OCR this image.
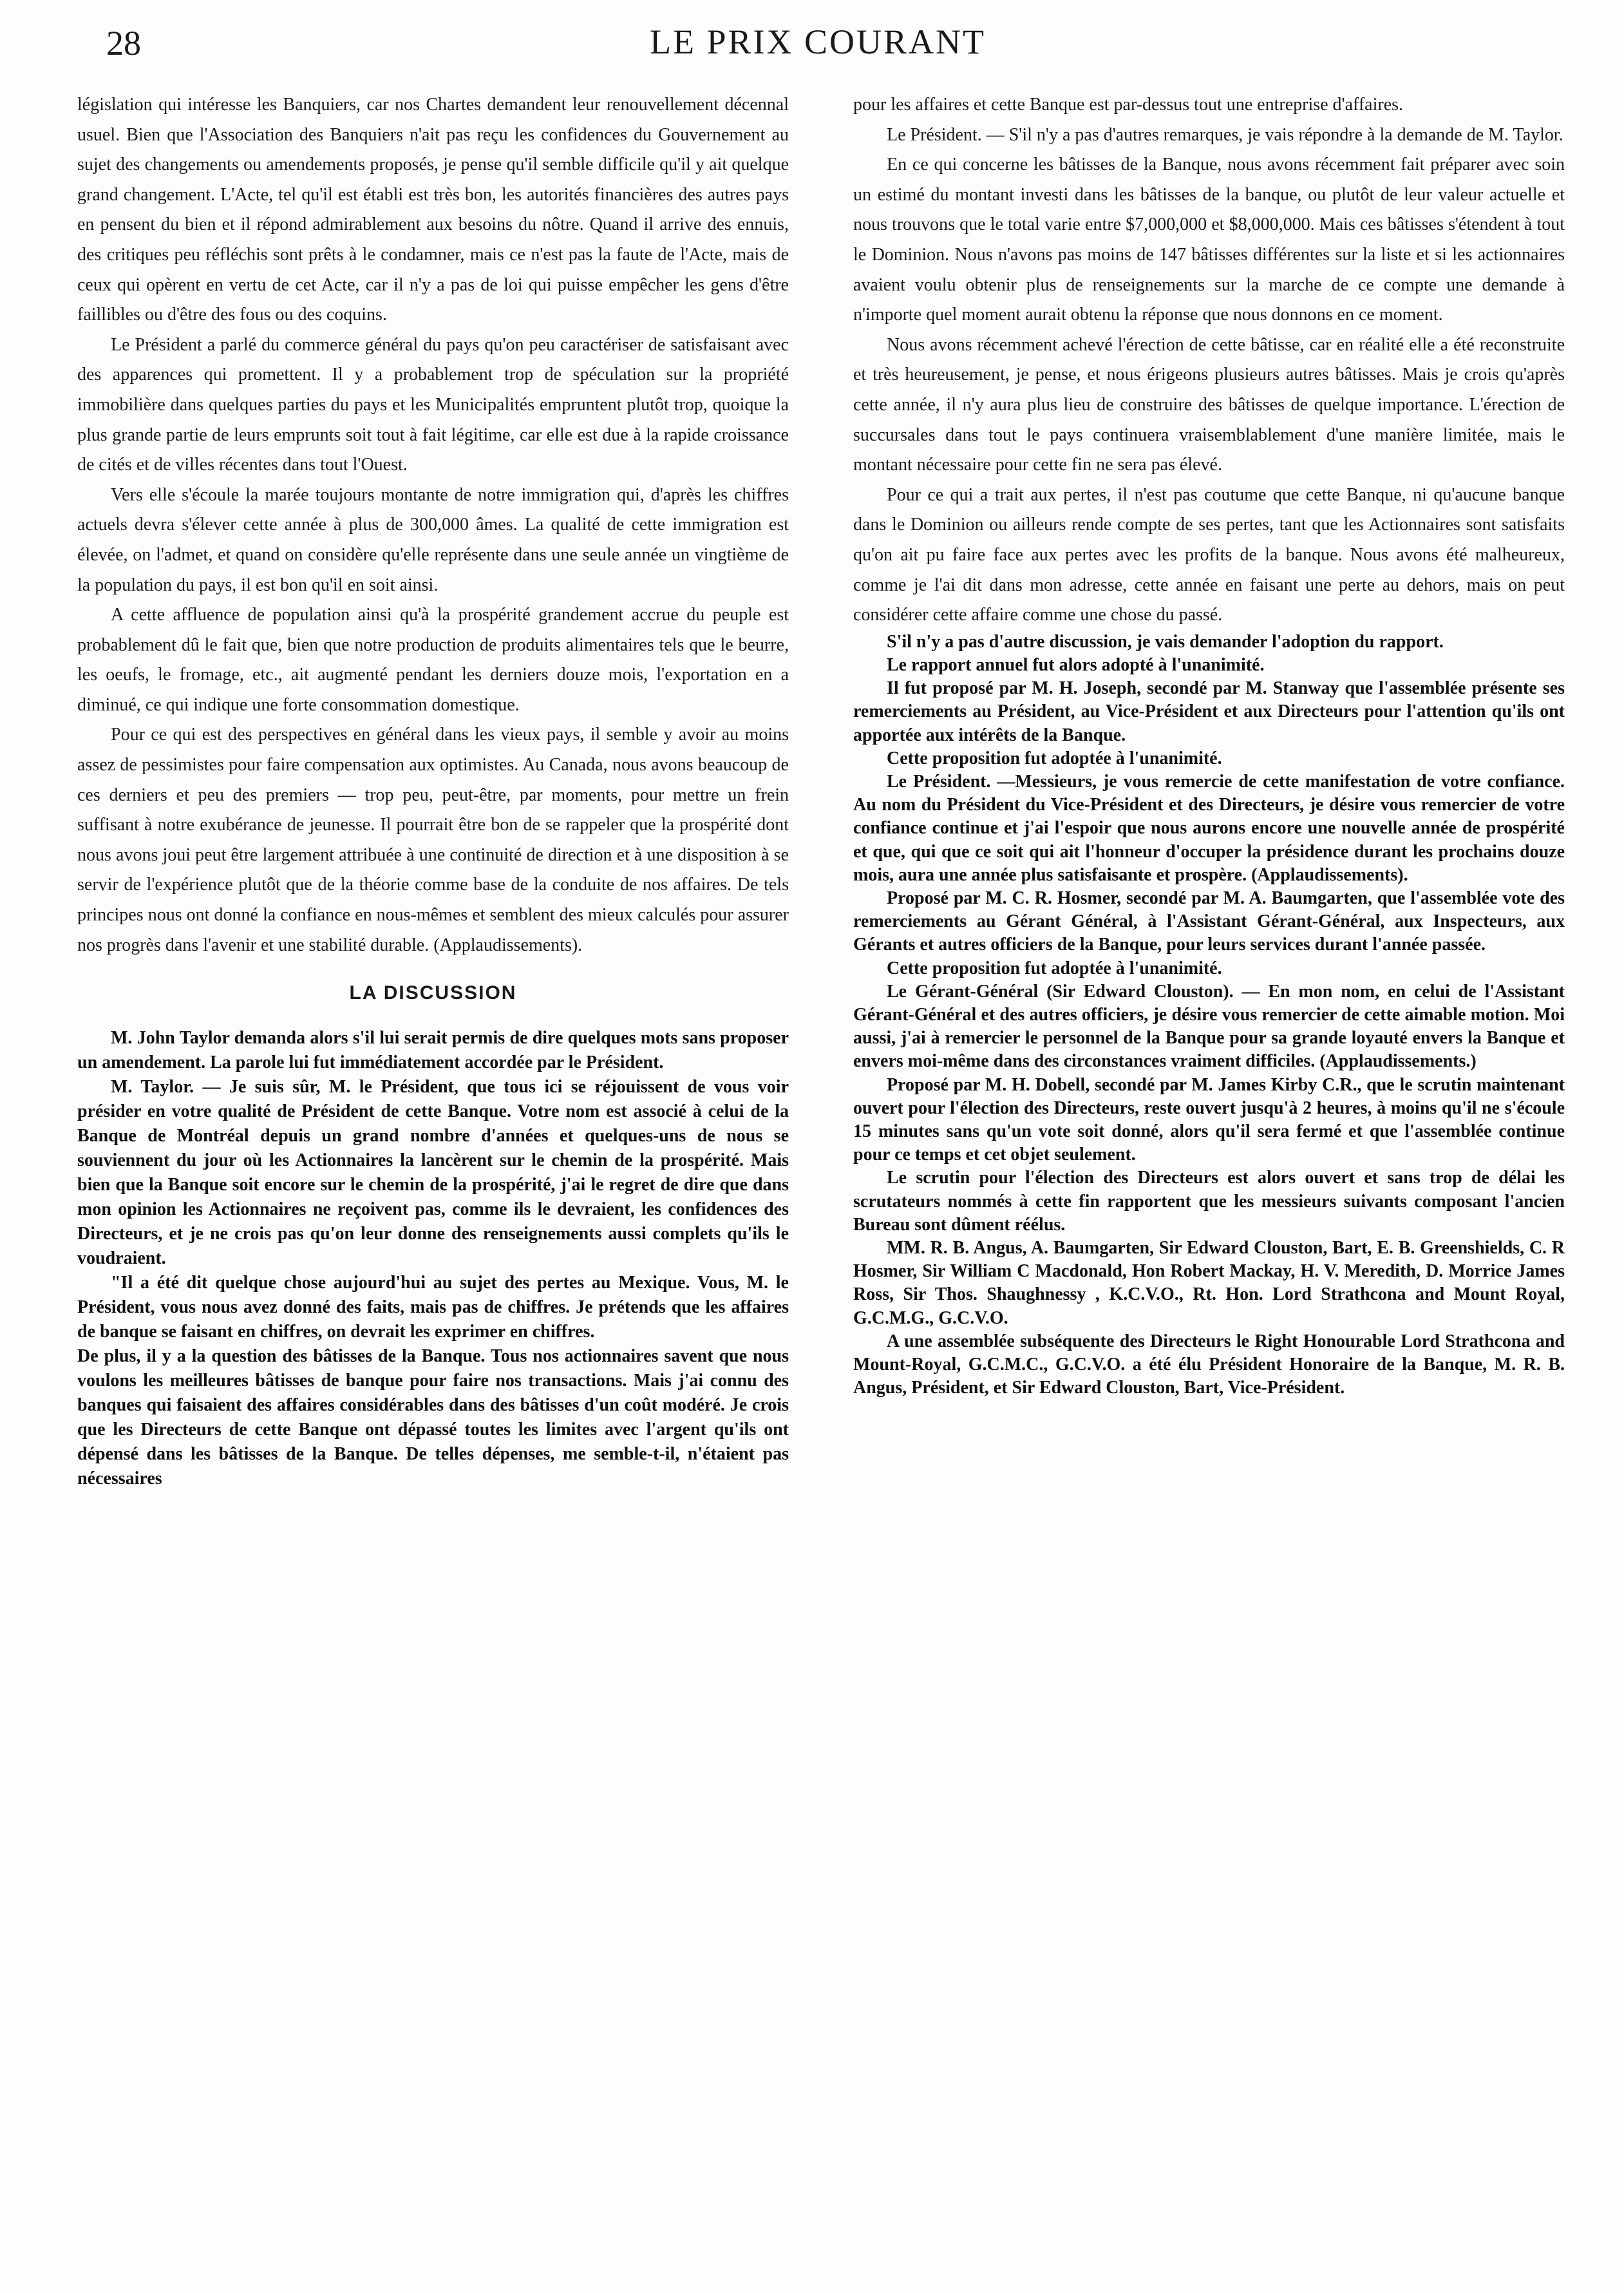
28	LE PRIX COURANT

législation qui intéresse les Banquiers, car nos Chartes demandent leur renouvellement décennal usuel. Bien que l'Association des Banquiers n'ait pas reçu les confidences du Gouvernement au sujet des changements ou amendements proposés, je pense qu'il semble difficile qu'il y ait quelque grand changement. L'Acte, tel qu'il est établi est très bon, les autorités financières des autres pays en pensent du bien et il répond admirablement aux besoins du nôtre. Quand il arrive des ennuis, des critiques peu réfléchis sont prêts à le condamner, mais ce n'est pas la faute de l'Acte, mais de ceux qui opèrent en vertu de cet Acte, car il n'y a pas de loi qui puisse empêcher les gens d'être faillibles ou d'être des fous ou des coquins.

Le Président a parlé du commerce général du pays qu'on peu caractériser de satisfaisant avec des apparences qui promettent. Il y a probablement trop de spéculation sur la propriété immobilière dans quelques parties du pays et les Municipalités empruntent plutôt trop, quoique la plus grande partie de leurs emprunts soit tout à fait légitime, car elle est due à la rapide croissance de cités et de villes récentes dans tout l'Ouest.

Vers elle s'écoule la marée toujours montante de notre immigration qui, d'après les chiffres actuels devra s'élever cette année à plus de 300,000 âmes. La qualité de cette immigration est élevée, on l'admet, et quand on considère qu'elle représente dans une seule année un vingtième de la population du pays, il est bon qu'il en soit ainsi.

A cette affluence de population ainsi qu'à la prospérité grandement accrue du peuple est probablement dû le fait que, bien que notre production de produits alimentaires tels que le beurre, les oeufs, le fromage, etc., ait augmenté pendant les derniers douze mois, l'exportation en a diminué, ce qui indique une forte consommation domestique.

Pour ce qui est des perspectives en général dans les vieux pays, il semble y avoir au moins assez de pessimistes pour faire compensation aux optimistes. Au Canada, nous avons beaucoup de ces derniers et peu des premiers — trop peu, peut-être, par moments, pour mettre un frein suffisant à notre exubérance de jeunesse. Il pourrait être bon de se rappeler que la prospérité dont nous avons joui peut être largement attribuée à une continuité de direction et à une disposition à se servir de l'expérience plutôt que de la théorie comme base de la conduite de nos affaires. De tels principes nous ont donné la confiance en nous-mêmes et semblent des mieux calculés pour assurer nos progrès dans l'avenir et une stabilité durable. (Applaudissements).

LA DISCUSSION

M. John Taylor demanda alors s'il lui serait permis de dire quelques mots sans proposer un amendement. La parole lui fut immédiatement accordée par le Président.

M. Taylor. — Je suis sûr, M. le Président, que tous ici se réjouissent de vous voir présider en votre qualité de Président de cette Banque. Votre nom est associé à celui de la Banque de Montréal depuis un grand nombre d'années et quelques-uns de nous se souviennent du jour où les Actionnaires la lancèrent sur le chemin de la prospérité. Mais bien que la Banque soit encore sur le chemin de la prospérité, j'ai le regret de dire que dans mon opinion les Actionnaires ne reçoivent pas, comme ils le devraient, les confidences des Directeurs, et je ne crois pas qu'on leur donne des renseignements aussi complets qu'ils le voudraient.

"Il a été dit quelque chose aujourd'hui au sujet des pertes au Mexique. Vous, M. le Président, vous nous avez donné des faits, mais pas de chiffres. Je prétends que les affaires de banque se faisant en chiffres, on devrait les exprimer en chiffres.

De plus, il y a la question des bâtisses de la Banque. Tous nos actionnaires savent que nous voulons les meilleures bâtisses de banque pour faire nos transactions. Mais j'ai connu des banques qui faisaient des affaires considérables dans des bâtisses d'un coût modéré. Je crois que les Directeurs de cette Banque ont dépassé toutes les limites avec l'argent qu'ils ont dépensé dans les bâtisses de la Banque. De telles dépenses, me semble-t-il, n'étaient pas nécessaires

pour les affaires et cette Banque est par-dessus tout une entreprise d'affaires.

Le Président. — S'il n'y a pas d'autres remarques, je vais répondre à la demande de M. Taylor.

En ce qui concerne les bâtisses de la Banque, nous avons récemment fait préparer avec soin un estimé du montant investi dans les bâtisses de la banque, ou plutôt de leur valeur actuelle et nous trouvons que le total varie entre $7,000,000 et $8,000,000. Mais ces bâtisses s'étendent à tout le Dominion. Nous n'avons pas moins de 147 bâtisses différentes sur la liste et si les actionnaires avaient voulu obtenir plus de renseignements sur la marche de ce compte une demande à n'importe quel moment aurait obtenu la réponse que nous donnons en ce moment.

Nous avons récemment achevé l'érection de cette bâtisse, car en réalité elle a été reconstruite et très heureusement, je pense, et nous érigeons plusieurs autres bâtisses. Mais je crois qu'après cette année, il n'y aura plus lieu de construire des bâtisses de quelque importance. L'érection de succursales dans tout le pays continuera vraisemblablement d'une manière limitée, mais le montant nécessaire pour cette fin ne sera pas élevé.

Pour ce qui a trait aux pertes, il n'est pas coutume que cette Banque, ni qu'aucune banque dans le Dominion ou ailleurs rende compte de ses pertes, tant que les Actionnaires sont satisfaits qu'on ait pu faire face aux pertes avec les profits de la banque. Nous avons été malheureux, comme je l'ai dit dans mon adresse, cette année en faisant une perte au dehors, mais on peut considérer cette affaire comme une chose du passé.

S'il n'y a pas d'autre discussion, je vais demander l'adoption du rapport.

Le rapport annuel fut alors adopté à l'unanimité.

Il fut proposé par M. H. Joseph, secondé par M. Stanway que l'assemblée présente ses remerciements au Président, au Vice-Président et aux Directeurs pour l'attention qu'ils ont apportée aux intérêts de la Banque.

Cette proposition fut adoptée à l'unanimité.

Le Président. —Messieurs, je vous remercie de cette manifestation de votre confiance. Au nom du Président du Vice-Président et des Directeurs, je désire vous remercier de votre confiance continue et j'ai l'espoir que nous aurons encore une nouvelle année de prospérité et que, qui que ce soit qui ait l'honneur d'occuper la présidence durant les prochains douze mois, aura une année plus satisfaisante et prospère. (Applaudissements).

Proposé par M. C. R. Hosmer, secondé par M. A. Baumgarten, que l'assemblée vote des remerciements au Gérant Général, à l'Assistant Gérant-Général, aux Inspecteurs, aux Gérants et autres officiers de la Banque, pour leurs services durant l'année passée.

Cette proposition fut adoptée à l'unanimité.

Le Gérant-Général (Sir Edward Clouston). — En mon nom, en celui de l'Assistant Gérant-Général et des autres officiers, je désire vous remercier de cette aimable motion. Moi aussi, j'ai à remercier le personnel de la Banque pour sa grande loyauté envers la Banque et envers moi-même dans des circonstances vraiment difficiles. (Applaudissements.)

Proposé par M. H. Dobell, secondé par M. James Kirby C.R., que le scrutin maintenant ouvert pour l'élection des Directeurs, reste ouvert jusqu'à 2 heures, à moins qu'il ne s'écoule 15 minutes sans qu'un vote soit donné, alors qu'il sera fermé et que l'assemblée continue pour ce temps et cet objet seulement.

Le scrutin pour l'élection des Directeurs est alors ouvert et sans trop de délai les scrutateurs nommés à cette fin rapportent que les messieurs suivants composant l'ancien Bureau sont dûment réélus.

MM. R. B. Angus, A. Baumgarten, Sir Edward Clouston, Bart, E. B. Greenshields, C. R Hosmer, Sir William C Macdonald, Hon Robert Mackay, H. V. Meredith, D. Morrice James Ross, Sir Thos. Shaughnessy , K.C.V.O., Rt. Hon. Lord Strathcona and Mount Royal, G.C.M.G., G.C.V.O.

A une assemblée subséquente des Directeurs le Right Honourable Lord Strathcona and Mount-Royal, G.C.M.C., G.C.V.O. a été élu Président Honoraire de la Banque, M. R. B. Angus, Président, et Sir Edward Clouston, Bart, Vice-Président.
